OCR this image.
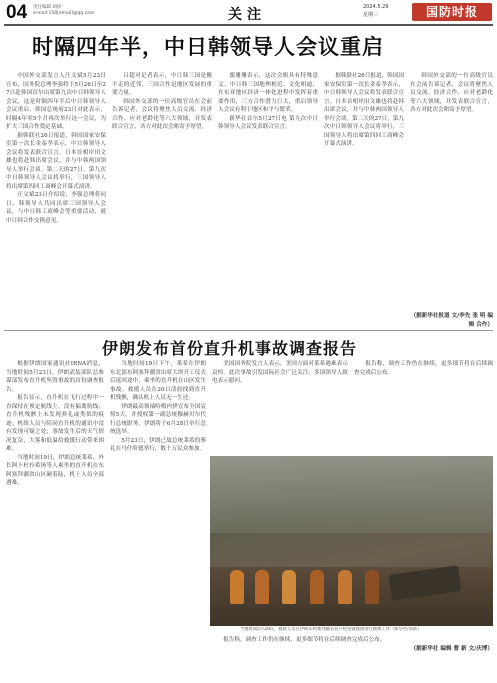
04 责任编辑 胡扬
e-mail:158[email]@qq.com	关注	2024.5.29
星期三	国防时报
时隔四年半，中日韩领导人会议重启

中国外交部发言人汪文斌5月23日宣布，国务院总理李强将于5月26日至27日赴韩国首尔出席第九次中日韩领导人会议，这是时隔四年半后中日韩领导人会议重启。韩国总统府23日对此表示，时隔4年零5个月再次举行这一会议，为扩大三国合作奠定基础。

据韩联社26日报道，韩国国家安保室第一次长金泰孝表示，中日韩领导人会议将发表联合宣言。日本首相岸田文雄也将赴韩出席会议，并与中韩两国领导人举行会谈。第二天的27日，第九次中日韩领导人会议将举行，三国领导人将出席第四回工商峰会开幕式演讲。

汪文斌23日介绍说，李强总理将同日、韩领导人共同出席三国领导人会议，与中日韩工商峰会等重要活动，就中日韩合作交换意见。

吕超对记者表示，中日韩三国是搬不走的近邻，三国合作是地区发展的重要力量。

韩国外交部的一位高级官员在会前告诉记者，会议将聚焦人员交流、经济合作、应对老龄化等六大领域，并发表联合宣言，各方对此次会晤寄予厚望。

鄢珊珊表示，这次会晤具有特殊意义。中日韩三国地理相近、文化相通，在东亚地区经济一体化进程中发挥着重要作用，三方合作潜力巨大，重启领导人会议有利于地区和平与繁荣。

新华社首尔5月27日电 第九次中日韩领导人会议发表联合宣言。

据韩联社26日报道，韩国国家安保室第一次长金泰孝表示，中日韩领导人会议将发表联合宣言。日本首相岸田文雄也将赴韩出席会议，并与中韩两国领导人举行会谈。第二天的27日，第九次中日韩领导人会议将举行，三国领导人将出席第四回工商峰会开幕式演讲。

韩国外交部的一位高级官员在会前告诉记者，会议将聚焦人员交流、经济合作、应对老龄化等六大领域，并发表联合宣言，各方对此次会晤寄予厚望。

（据新华社报道 文/李先 张 明 编辑 合作）
伊朗发布首份直升机事故调查报告

根据伊朗国家通讯社IRNA消息，当地时间5月23日，伊朗武装部队总参谋部发布直升机坠毁事故的首份调查报告。

报告显示，直升机在飞行过程中一直保持在预定航线上，没有偏离航线；直升机残骸上未发现弹孔或类似的痕迹；机组人员与陪同直升机的通讯中没有发现可疑之处；事故发生后的天气情况复杂，大雾和低温给救援行动带来困难。

当地时间19日，伊朗总统莱希、外长阿卜杜拉希扬等人乘坐的直升机在东阿塞拜疆省山区硬着陆，机上人员全部遇难。

当地时间19日下午，莱希在伊朗东北部东阿塞拜疆省出席大坝开工仪式后返回途中，乘坐的直升机在山区发生事故。救援人员在20日清晨找到直升机残骸，确认机上人员无一生还。

伊朗最高领袖哈梅内伊宣布全国哀悼5天，并授权第一副总统穆赫贝尔代行总统职务。伊朗将于6月28日举行总统选举。

5月23日，伊朗已故总统莱希的葬礼在马什哈德举行，数十万民众参加。

美国国务院发言人表示，美国方面对莱希遇难表示哀悼。此次事故引发国际社会广泛关注，多国领导人致电表示慰问。

报告称，调查工作仍在继续，更多细节将在后续调查完成后公布。

当地时间5月20日，救援人员在伊朗东阿塞拜疆省直升机坠毁现场进行救援工作（新华社/法新）

报告称，调查工作仍在继续，更多细节将在后续调查完成后公布。

（据新华社 编辑 曹 新 文/庆博）
